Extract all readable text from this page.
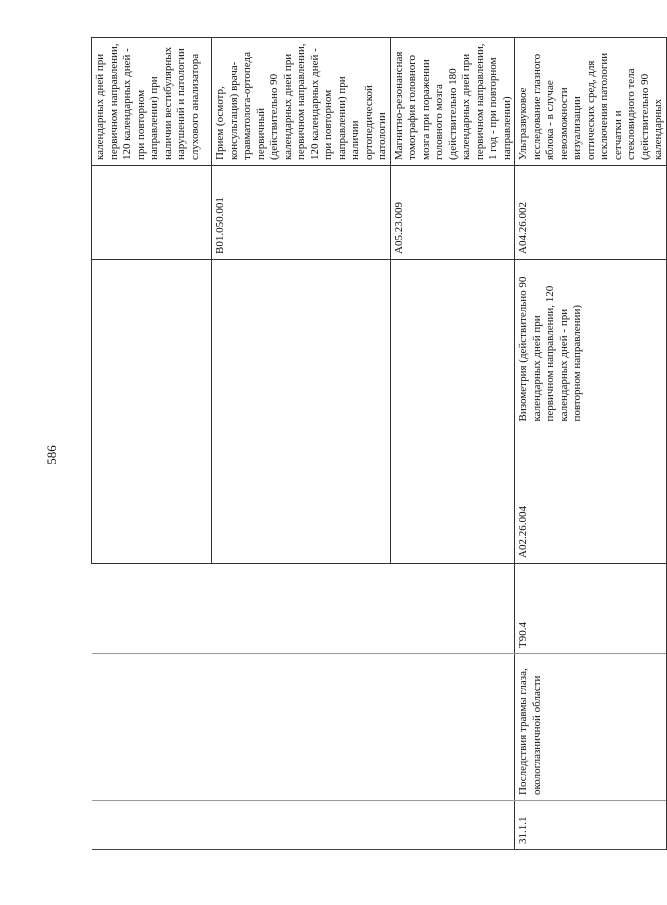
586
						календарных дней при первичном направлении, 120 календарных дней - при повторном направлении) при наличии вестибулярных нарушений и патологии слухового анализатора
					B01.050.001	Прием (осмотр, консультация) врача-травматолога-ортопеда первичный (действительно 90 календарных дней при первичном направлении, 120 календарных дней - при повторном направлении) при наличии ортопедической патологии
					A05.23.009	Магнитно-резонансная томография головного мозга при поражении головного мозга (действительно 180 календарных дней при первичном направлении, 1 год - при повторном направлении)
31.1.1	Последствия травмы глаза, окологлазничной области	T90.4	A02.26.004	Визометрия (действительно 90 календарных дней при первичном направлении, 120 календарных дней - при повторном направлении)	A04.26.002	Ультразвуковое исследование глазного яблока - в случае невозможности визуализации оптических сред, для исключения патологии сетчатки и стекловидного тела (действительно 90 календарных
